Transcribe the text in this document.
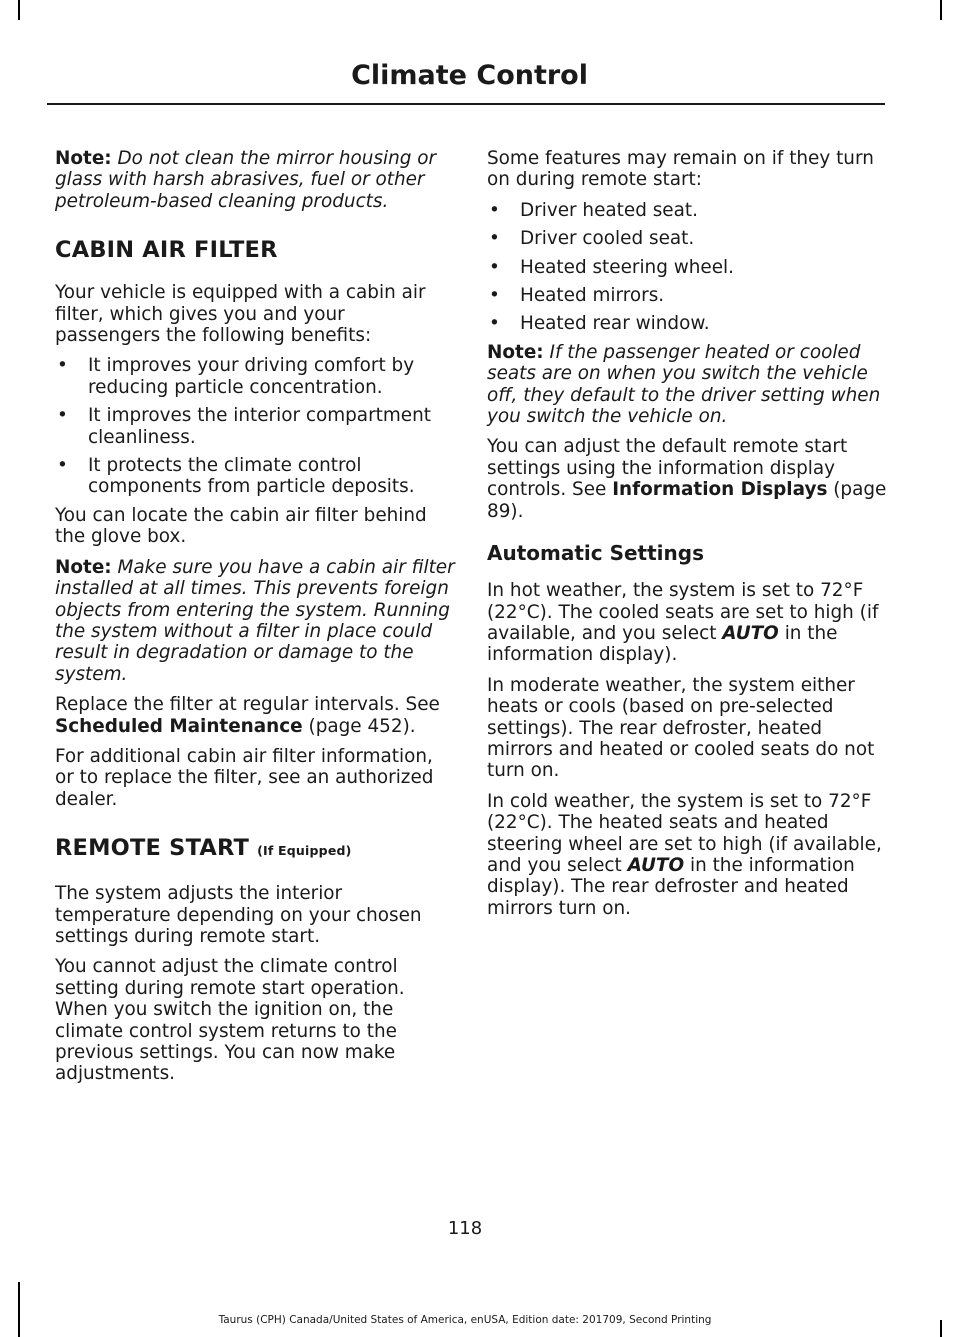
Climate Control

Note: Do not clean the mirror housing or glass with harsh abrasives, fuel or other petroleum-based cleaning products.

CABIN AIR FILTER

Your vehicle is equipped with a cabin air filter, which gives you and your passengers the following benefits:

• It improves your driving comfort by reducing particle concentration.
• It improves the interior compartment cleanliness.
• It protects the climate control components from particle deposits.

You can locate the cabin air filter behind the glove box.

Note: Make sure you have a cabin air filter installed at all times. This prevents foreign objects from entering the system. Running the system without a filter in place could result in degradation or damage to the system.

Replace the filter at regular intervals. See Scheduled Maintenance (page 452).

For additional cabin air filter information, or to replace the filter, see an authorized dealer.

REMOTE START (If Equipped)

The system adjusts the interior temperature depending on your chosen settings during remote start.

You cannot adjust the climate control setting during remote start operation. When you switch the ignition on, the climate control system returns to the previous settings. You can now make adjustments.

Some features may remain on if they turn on during remote start:

• Driver heated seat.
• Driver cooled seat.
• Heated steering wheel.
• Heated mirrors.
• Heated rear window.

Note: If the passenger heated or cooled seats are on when you switch the vehicle off, they default to the driver setting when you switch the vehicle on.

You can adjust the default remote start settings using the information display controls. See Information Displays (page 89).

Automatic Settings

In hot weather, the system is set to 72°F (22°C). The cooled seats are set to high (if available, and you select AUTO in the information display).

In moderate weather, the system either heats or cools (based on pre-selected settings). The rear defroster, heated mirrors and heated or cooled seats do not turn on.

In cold weather, the system is set to 72°F (22°C). The heated seats and heated steering wheel are set to high (if available, and you select AUTO in the information display). The rear defroster and heated mirrors turn on.

118
Taurus (CPH) Canada/United States of America, enUSA, Edition date: 201709, Second Printing
